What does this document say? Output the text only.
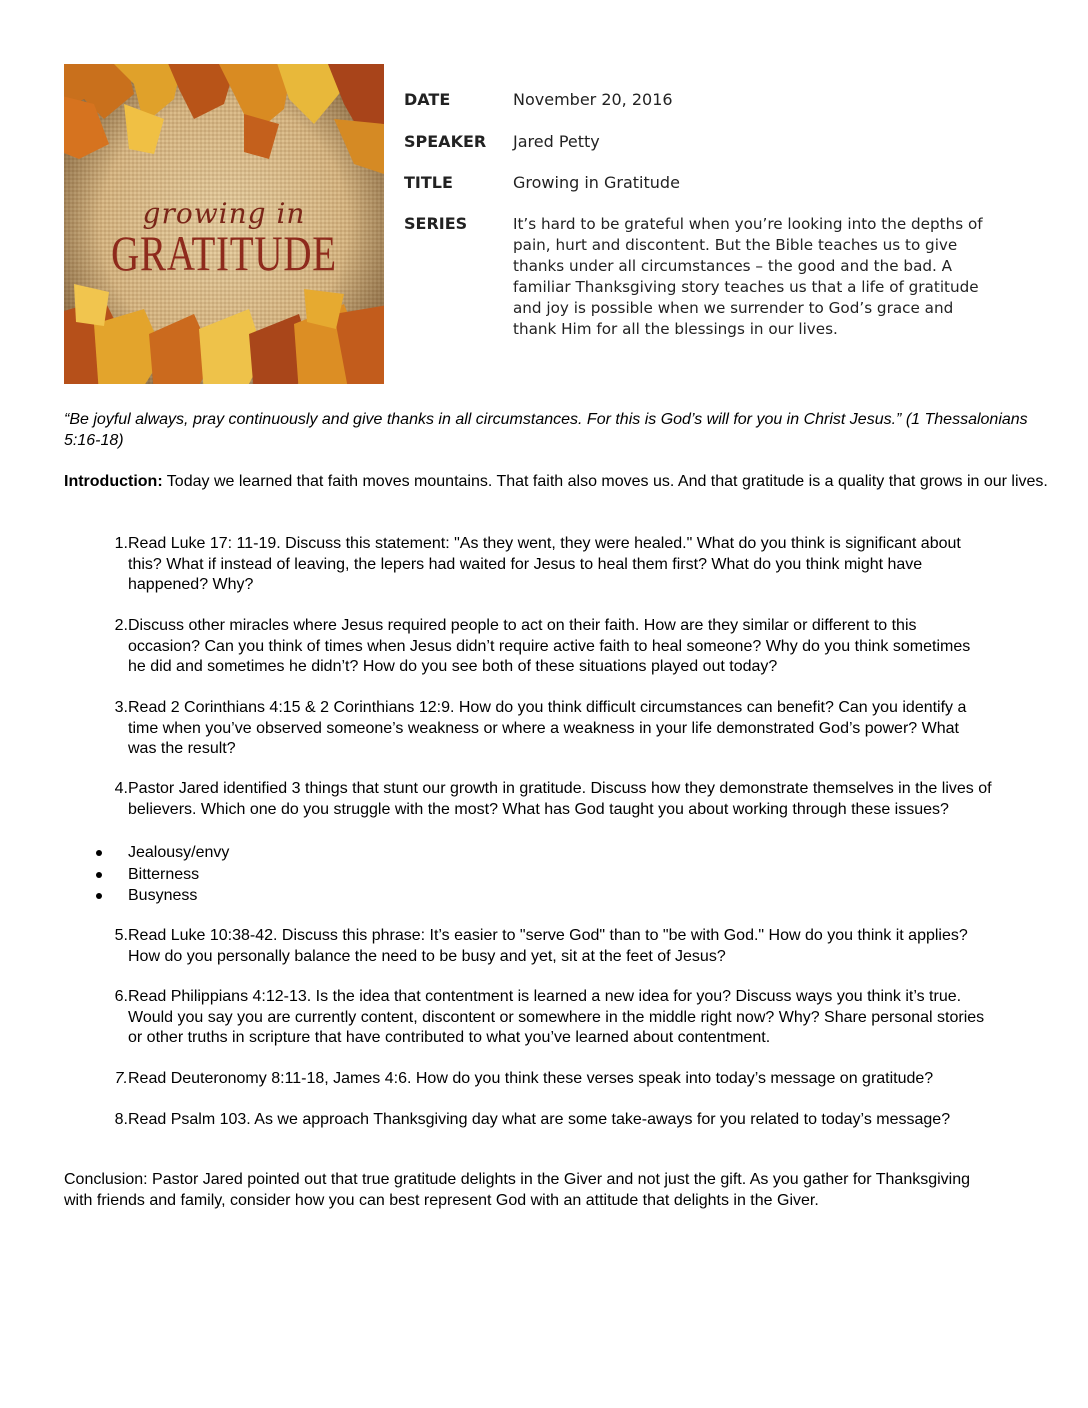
growing in
GRATITUDE
DATE	November 20, 2016
SPEAKER Jared Petty
TITLE	Growing in Gratitude
SERIES	It’s hard to be grateful when you’re looking into the depths of pain, hurt and discontent. But the Bible teaches us to give thanks under all circumstances – the good and the bad. A familiar Thanksgiving story teaches us that a life of gratitude and joy is possible when we surrender to God’s grace and thank Him for all the blessings in our lives.
“Be joyful always, pray continuously and give thanks in all circumstances. For this is God’s will for you in Christ Jesus.” (1 Thessalonians 5:16-18)
Introduction: Today we learned that faith moves mountains. That faith also moves us. And that gratitude is a quality that grows in our lives.
1. Read Luke 17: 11-19. Discuss this statement: "As they went, they were healed." What do you think is significant about
this? What if instead of leaving, the lepers had waited for Jesus to heal them first? What do you think might have
happened? Why?
2. Discuss other miracles where Jesus required people to act on their faith. How are they similar or different to this
occasion? Can you think of times when Jesus didn’t require active faith to heal someone? Why do you think sometimes
he did and sometimes he didn’t? How do you see both of these situations played out today?
3. Read 2 Corinthians 4:15 & 2 Corinthians 12:9. How do you think difficult circumstances can benefit? Can you identify a
time when you’ve observed someone’s weakness or where a weakness in your life demonstrated God’s power? What
was the result?
4. Pastor Jared identified 3 things that stunt our growth in gratitude. Discuss how they demonstrate themselves in the lives of
believers. Which one do you struggle with the most? What has God taught you about working through these issues?
Jealousy/envy
Bitterness
Busyness
5. Read Luke 10:38-42. Discuss this phrase: It’s easier to "serve God" than to "be with God." How do you think it applies?
How do you personally balance the need to be busy and yet, sit at the feet of Jesus?
6. Read Philippians 4:12-13. Is the idea that contentment is learned a new idea for you? Discuss ways you think it’s true.
Would you say you are currently content, discontent or somewhere in the middle right now? Why? Share personal stories
or other truths in scripture that have contributed to what you’ve learned about contentment.
7. Read Deuteronomy 8:11-18, James 4:6. How do you think these verses speak into today’s message on gratitude?
8. Read Psalm 103. As we approach Thanksgiving day what are some take-aways for you related to today’s message?
Conclusion: Pastor Jared pointed out that true gratitude delights in the Giver and not just the gift. As you gather for Thanksgiving
with friends and family, consider how you can best represent God with an attitude that delights in the Giver.
